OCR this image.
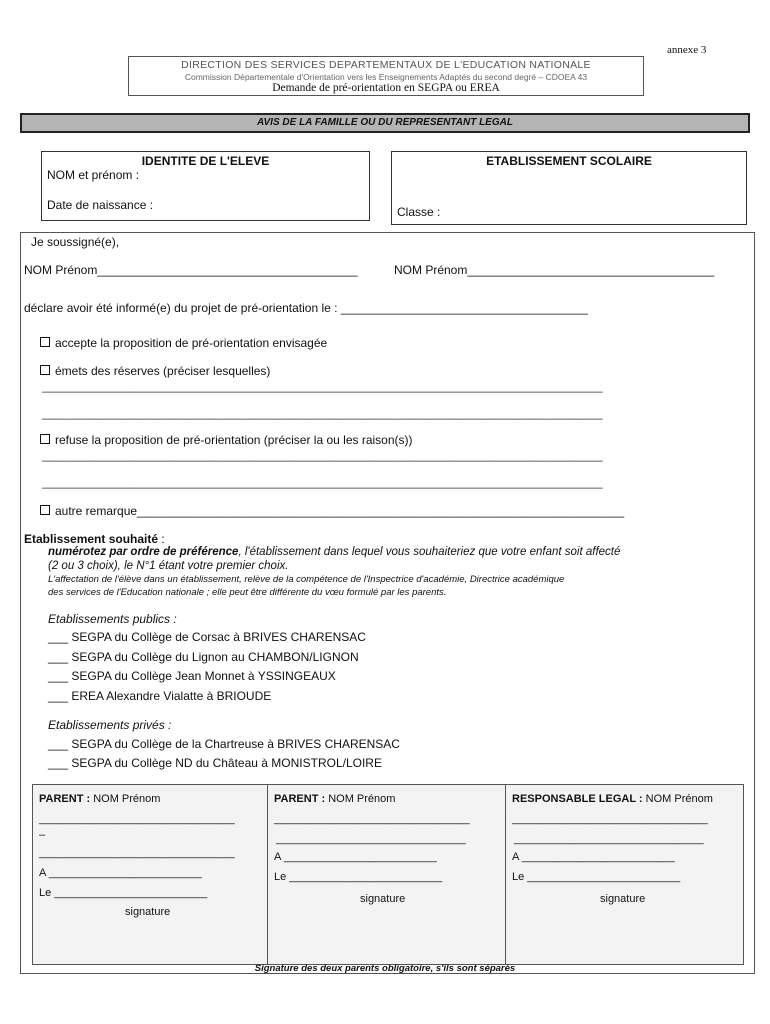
annexe 3
DIRECTION DES SERVICES DEPARTEMENTAUX DE L'EDUCATION NATIONALE
Commission Départementale d'Orientation vers les Enseignements Adaptés du second degré – CDOEA 43
Demande de pré-orientation en SEGPA ou EREA
AVIS DE LA FAMILLE OU DU REPRESENTANT LEGAL
IDENTITE DE L'ELEVE
NOM et prénom :
Date de naissance :
ETABLISSEMENT SCOLAIRE
Classe :
Je soussigné(e),
NOM Prénom_______________________________________	NOM Prénom_____________________________________
déclare avoir été informé(e) du projet de pré-orientation le : _____________________________________
accepte la proposition de pré-orientation envisagée
émets des réserves (préciser lesquelles)
____________________________________________________________________________________
____________________________________________________________________________________
refuse la proposition de pré-orientation (préciser la ou les raison(s))
____________________________________________________________________________________
____________________________________________________________________________________
autre remarque_________________________________________________________________________
Etablissement souhaité :
numérotez par ordre de préférence, l'établissement dans lequel vous souhaiteriez que votre enfant soit affecté
(2 ou 3 choix), le N°1 étant votre premier choix.
L'affectation de l'élève dans un établissement, relève de la compétence de l'Inspectrice d'académie, Directrice académique
des services de l'Education nationale ; elle peut être différente du vœu formulé par les parents.
Etablissements publics :
___ SEGPA du Collège de Corsac à BRIVES CHARENSAC
___ SEGPA du Collège du Lignon au CHAMBON/LIGNON
___ SEGPA du Collège Jean Monnet à YSSINGEAUX
___ EREA Alexandre Vialatte à BRIOUDE
Etablissements privés :
___ SEGPA du Collège de la Chartreuse à BRIVES CHARENSAC
___ SEGPA du Collège ND du Château à MONISTROL/LOIRE
PARENT : NOM Prénom
________________________________
–
________________________________
A _________________________
Le _________________________
signature
PARENT : NOM Prénom
________________________________
_______________________________
A _________________________
Le _________________________
signature
RESPONSABLE LEGAL : NOM Prénom
________________________________
_______________________________
A _________________________
Le _________________________
signature
Signature des deux parents obligatoire, s'ils sont séparés
